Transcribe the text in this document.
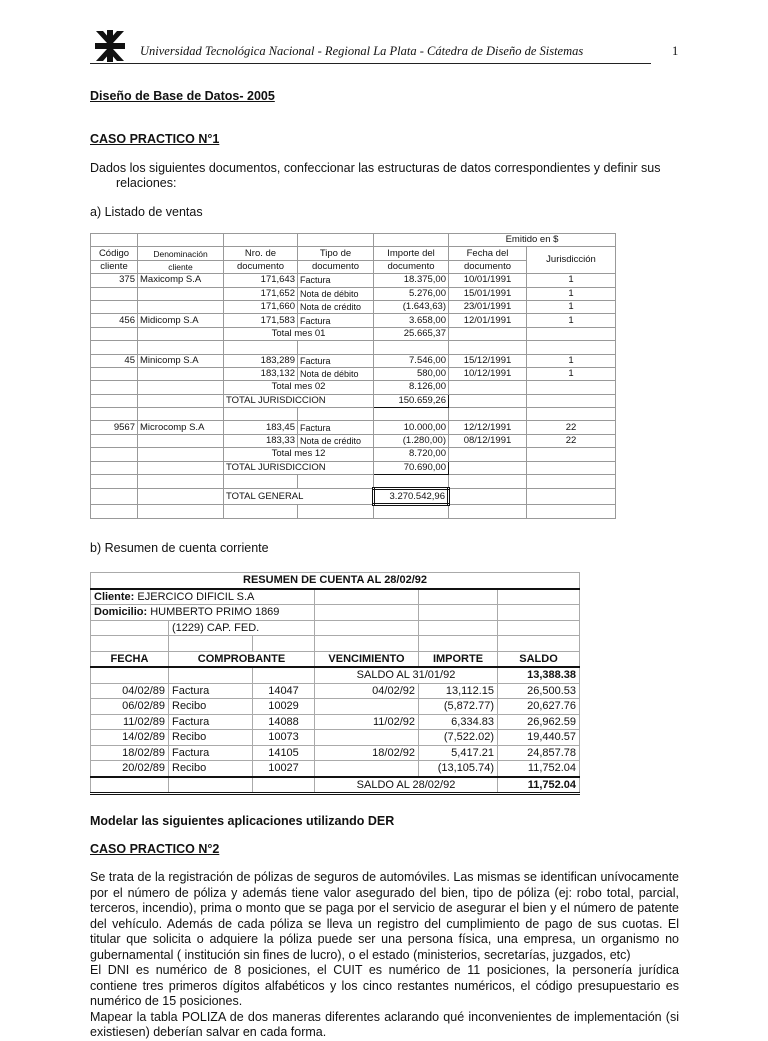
Universidad Tecnológica Nacional - Regional La Plata - Cátedra de Diseño de Sistemas	1
Diseño de Base de Datos- 2005
CASO PRACTICO N°1
Dados los siguientes documentos, confeccionar las estructuras de datos correspondientes y definir sus
relaciones:
a) Listado de ventas
					Emitido en $	
Código	Denominación	Nro. de	Tipo de	Importe del	Fecha del	Jurisdicción
cliente	cliente	documento	documento	documento	documento	
375	Maxicomp S.A	171,643	Factura	18.375,00	10/01/1991	1
		171,652	Nota de débito	5.276,00	15/01/1991	1
		171,660	Nota de crédito	(1.643,63)	23/01/1991	1
456	Midicomp S.A	171,583	Factura	3.658,00	12/01/1991	1
		Total mes 01		25.665,37		

45	Minicomp S.A	183,289	Factura	7.546,00	15/12/1991	1
		183,132	Nota de débito	580,00	10/12/1991	1
		Total mes 02		8.126,00		
		TOTAL JURISDICCION		150.659,26		

9567	Microcomp S.A	183,45	Factura	10.000,00	12/12/1991	22
		183,33	Nota de crédito	(1.280,00)	08/12/1991	22
		Total mes 12		8.720,00		
		TOTAL JURISDICCION		70.690,00		

		TOTAL GENERAL		3.270.542,96		

b) Resumen de cuenta corriente
RESUMEN DE CUENTA AL 28/02/92					
Cliente: EJERCICO DIFICIL S.A					
Domicilio: HUMBERTO PRIMO 1869					
	(1229) CAP. FED.				

FECHA	COMPROBANTE		VENCIMIENTO	IMPORTE	SALDO
			SALDO AL 31/01/92		13,388.38
04/02/89	Factura	14047	04/02/92	13,112.15	26,500.53
06/02/89	Recibo	10029		(5,872.77)	20,627.76
11/02/89	Factura	14088	11/02/92	6,334.83	26,962.59
14/02/89	Recibo	10073		(7,522.02)	19,440.57
18/02/89	Factura	14105	18/02/92	5,417.21	24,857.78
20/02/89	Recibo	10027		(13,105.74)	11,752.04
			SALDO AL 28/02/92		11,752.04
Modelar las siguientes aplicaciones utilizando DER
CASO PRACTICO N°2
Se trata de la registración de pólizas de seguros de automóviles. Las mismas se identifican unívocamente
por el número de póliza y además tiene valor asegurado del bien, tipo de póliza (ej: robo total, parcial,
terceros, incendio), prima o monto que se paga por el servicio de asegurar el bien y el número de patente
del vehículo. Además de cada póliza se lleva un registro del cumplimiento de pago de sus cuotas. El
titular que solicita o adquiere la póliza puede ser una persona física, una empresa, un organismo no
gubernamental ( institución sin fines de lucro), o el estado (ministerios, secretarías, juzgados, etc)
El DNI es numérico de 8 posiciones, el CUIT es numérico de 11 posiciones, la personería jurídica
contiene tres primeros dígitos alfabéticos y los cinco restantes numéricos, el código presupuestario es
numérico de 15 posiciones.
Mapear la tabla POLIZA de dos maneras diferentes aclarando qué inconvenientes de implementación (si
existiesen) deberían salvar en cada forma.
